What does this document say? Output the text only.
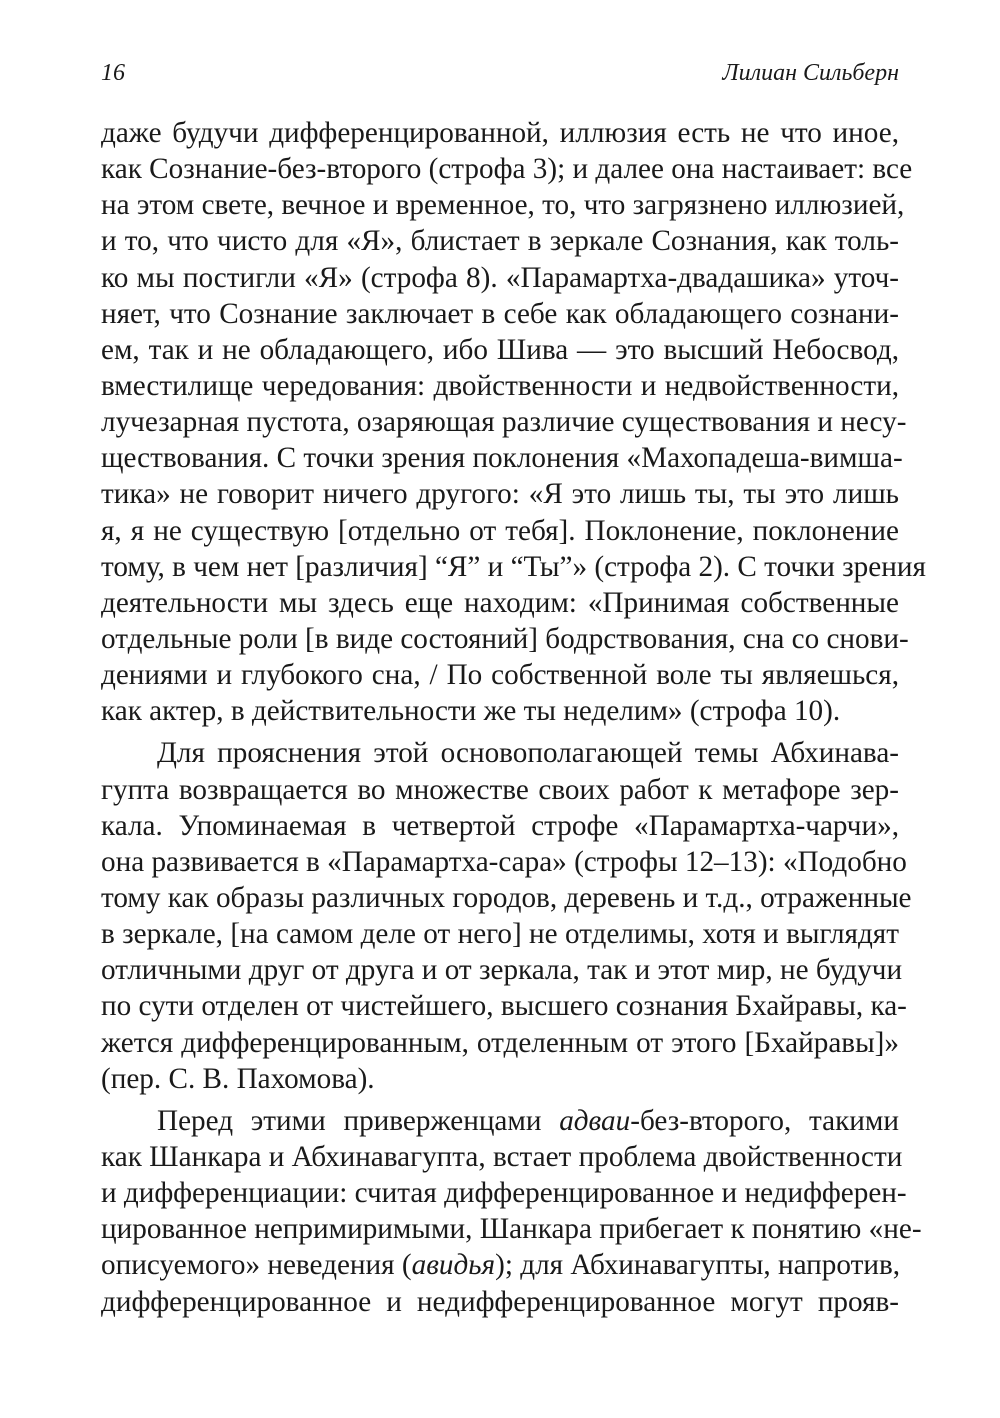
16	Лилиан Сильберн
даже будучи дифференцированной, иллюзия есть не что иное,
как Сознание-без-второго (строфа 3); и далее она настаивает: все
на этом свете, вечное и временное, то, что загрязнено иллюзией,
и то, что чисто для «Я», блистает в зеркале Сознания, как толь-
ко мы постигли «Я» (строфа 8). «Парамартха-двадашика» уточ-
няет, что Сознание заключает в себе как обладающего сознани-
ем, так и не обладающего, ибо Шива — это высший Небосвод,
вместилище чередования: двойственности и недвойственности,
лучезарная пустота, озаряющая различие существования и несу-
ществования. С точки зрения поклонения «Махопадеша-вимша-
тика» не говорит ничего другого: «Я это лишь ты, ты это лишь
я, я не существую [отдельно от тебя]. Поклонение, поклонение
тому, в чем нет [различия] “Я” и “Ты”» (строфа 2). С точки зрения
деятельности мы здесь еще находим: «Принимая собственные
отдельные роли [в виде состояний] бодрствования, сна со снови-
дениями и глубокого сна, / По собственной воле ты являешься,
как актер, в действительности же ты неделим» (строфа 10).
Для прояснения этой основополагающей темы Абхинава-
гупта возвращается во множестве своих работ к метафоре зер-
кала. Упоминаемая в четвертой строфе «Парамартха-чарчи»,
она развивается в «Парамартха-сара» (строфы 12–13): «Подобно
тому как образы различных городов, деревень и т.д., отраженные
в зеркале, [на самом деле от него] не отделимы, хотя и выглядят
отличными друг от друга и от зеркала, так и этот мир, не будучи
по сути отделен от чистейшего, высшего сознания Бхайравы, ка-
жется дифференцированным, отделенным от этого [Бхайравы]»
(пер. С. В. Пахомова).
Перед этими приверженцами адваи-без-второго, такими
как Шанкара и Абхинавагупта, встает проблема двойственности
и дифференциации: считая дифференцированное и недифферен-
цированное непримиримыми, Шанкара прибегает к понятию «не-
описуемого» неведения (авидья); для Абхинавагупты, напротив,
дифференцированное и недифференцированное могут прояв-
